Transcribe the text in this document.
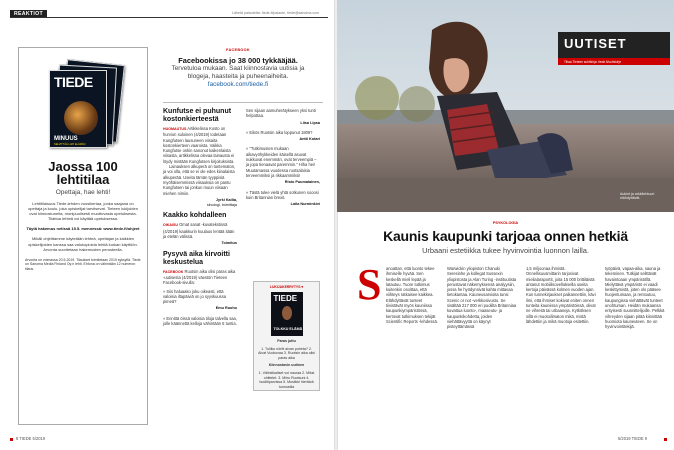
REAKTIOT	Lähetä palautetta: tiede.fi/palaute, tiede@sanoma.com
TIEDE
MINUUS
SELVITTÄÄ LAPI ELÄMÄN
Jaossa 100 lehtitilaa
Opettaja, hae lehti!
Lehtitilaisuus Tiede-lehden vuosikertaa, jonka saajana on opettaja ja koulu, joka opiskelijat tarvitsevat. Tieteen lukijoiden ovat kiinnostuneita, monipuolisesti muuttuvasta opetuksesta. Tilattua lehteä voi käyttää opetuksessa.
Täytä hakemus netissä 15.5. mennessä: www.tiede.fi/ohjeet
Mikäli ohjeittamme käytetään lehteä, opettajan ja kaikkien opiskelijoiden kanssa saa valokopioida lehtiä luokan käyttöön. Arvonta suoritetaan hakemusten perusteella.
Arvonta on voimassa 20.5.2019. Tilaukset toimitetaan 2019 syksyllä. Tiede on Sanoma Media Finland Oy:n lehti. Ehtona on vähintään 12 numeron tilaus.
FACEBOOK
Facebookissa jo 38 000 tykkääjää.
Tervetuloa mukaan. Saat kiinnostavia uutisia ja
blogeja, haasteita ja puheenaiheita.
facebook.com/tiede.fi
Kunfutse ei puhunut kostonkierteestä
HUOMAUTUS Artikkelissa Kosto on hurvion suloinen (4/2019) todetaan Kungfutsen lausuneen viisaita kostonkierteen vaaroista. Vaikka Kungfutse onkin sanonut kaikenlaista viisasta, artikkelissa olevaa lainausta ei löydy mistään Kungfutsen kirjoituksista.
Lainauksen alkuperä on tuntematon, ja voi olla, että se ei ole edes kiinalaista alkuperää. Useita tämän tyyppisiä myöhäisemmissä viisauksia on pantu Kungfutsen tai jonkun muun viisaan miehen nimiin.
Jyrki Kailia,
sinologi, toimittaja
Kaakko kohdalleen
OIKAISU Omat sanat -kuvatekstissä (4/2019) kaakkurin kuulaus lentää itään ja etelän välissä.
Toimitus
Pysyvä aika kirvoitti keskustelua
FACEBOOK Ruotsin aika olisi paras aika -uutisesta (4/2019) väestön Tieteen Facebook-sivulla:
» Siis haluaako joku oikeasti, että valoisia iltapäiviä on jo syyskuussa pimeä?
Emu Ruoho
» Ennittä öissä valoisia tiloja talvella saa, jolle käännettä kelloja vähintään 6 tuntia.
Sen sijaan aamuherätykseen yksi tunti helpottaa.
Liisa Lipsa
» Eikös Ruotsin aika loppunut 1809?
Antti Kotari
» "Tutkimusten mukaan aikavyöhykkeiden itäisellä asuvat nukkuvat enemmän, ovat terveempiä – ja jopa tienaavat paremmin." Hiha hei! Muutamassa vuodessa ruotsalaisia terveemmiksi ja rikkaammiksi!
Risto Puumalainen,
» Tästä tulee vielä yhtä sotkunen sooosi kuin Britannian brexit.
Laila Nurminkivi
LUKIJAKERRYTYS ▾
TIEDE
TOLKKU ELÄMÄ
Paras juttu
1. Tulliko nörtti aivan puheta? 2. Alvat Vuokovaa 3. Ruotsin aika olisi paras aika
Kiinnostavin uutinen
1. Välinkikaliset voi nauraa 2. Miksi ohittelet. 3. Miiru Ruotsuni 4. Isoäitiparvissa 5. Musiikki hiertävä tunnustila
8 TIEDE 5/2019
UUTISET
Tiitaa Tieteen suhtikirja: tiede.fi/uutiskirje
Aukiot ja arkkitehtuuri elähdyttävät.
PSYKOLOGIA
Kaunis kaupunki tarjoaa onnen hetkiä
Urbaani estetiikka tukee hyvinvointia luonnon lailla.
S	anoattan, että luonto tekee ihmiselle hyvää. Sen keskellä mieli lepää ja latautuu. Tuore tutkimus kuitenkin osoittaa, että viihteys ratkaisee kaikkea. Elähdyttävät tunteet tiivistävät myös kauniissa kaupunkiympäristössä, kertovat tutkimuksen tekijät Scientific Reports -lehdessä.
Warwickin yliopiston Chanuki Seresinhe ja kollegat Sussexin yliopistosta ja Alan Turing -instituutista perustavat näkemyksensä analyysiin, jossa he hyödynsivät kahta mittavaa tietokantaa. Kauneusarvioita tunsi Scenic or not -verkkosivusto. Se sisältää 217 000 eri puolilta Britanniaa kuvattua luonto-, maaseutu- ja kaupunkikohdetta, joiden viehättävyyttä on käynyt pisteyttämässä
1,5 miljoonaa ihmistä. Onnellisuusmittarin tarjosivat mielialaraportit, joita 15 000 brittiläistä antanut mobiilisovelluksella useita kertoja päivässä kolmen vuoden ajan. Kun tunnekirjaukset paikannettiin, kävi ilmi, että ihmiset kokivat eniten onnen tunteita kauniissa ympäristöissä, olivat ne vihreitä tai urbaaneja. Kytköksen sillä ei muotoilimaton mikä, mistä lähdettiin ja mikä muotoja esitettiin.
työpäivä, vapaa-aika, sauna ja tekeminen. Tutkijat selittävät havaintoaan ympäristöllä. Mielyttävä ympäristö ei vaadi keskittymistä, joten olo pääsee huojentumaan, ja rentoutuu, kaupungissa viehättävät tunteet unohtuman. Heidän mukaansa erityisesti suunnittelijoille. Pelkkä vihreyden sijaan pitää kiinnittää huomiota kauneuteen. Se on hyvinvointitekijä.
5/2019 TIEDE 9
